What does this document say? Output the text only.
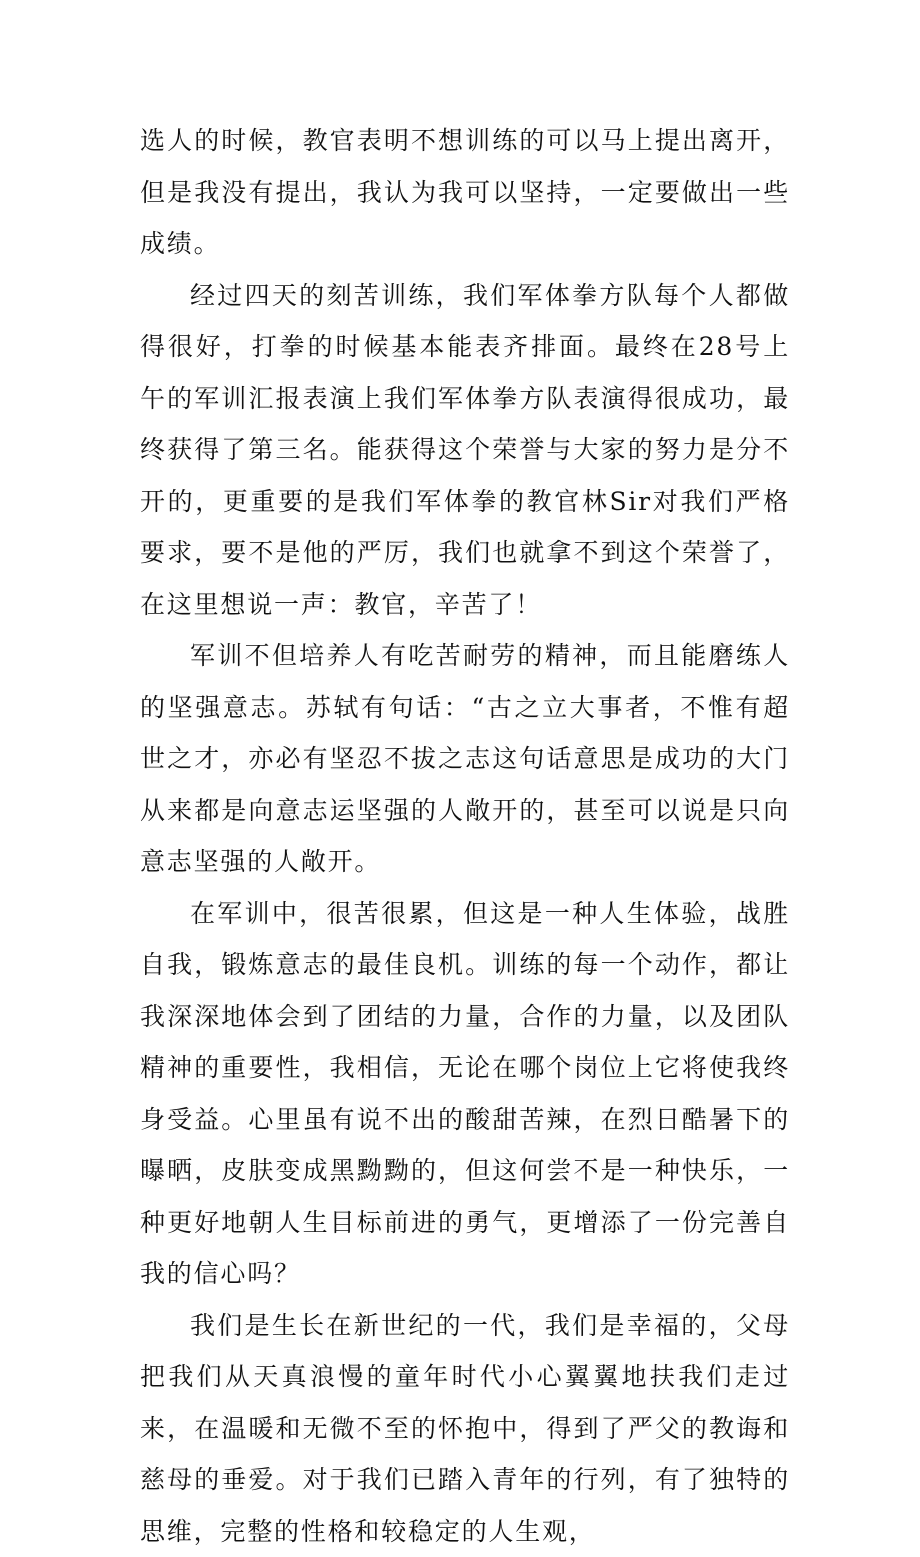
选人的时候，教官表明不想训练的可以马上提出离开，但是我没有提出，我认为我可以坚持，一定要做出一些成绩。

经过四天的刻苦训练，我们军体拳方队每个人都做得很好，打拳的时候基本能表齐排面。最终在28号上午的军训汇报表演上我们军体拳方队表演得很成功，最终获得了第三名。能获得这个荣誉与大家的努力是分不开的，更重要的是我们军体拳的教官林Sir对我们严格要求，要不是他的严厉，我们也就拿不到这个荣誉了，在这里想说一声：教官，辛苦了！

军训不但培养人有吃苦耐劳的精神，而且能磨练人的坚强意志。苏轼有句话：“古之立大事者，不惟有超世之才，亦必有坚忍不拔之志这句话意思是成功的大门从来都是向意志运坚强的人敞开的，甚至可以说是只向意志坚强的人敞开。

在军训中，很苦很累，但这是一种人生体验，战胜自我，锻炼意志的最佳良机。训练的每一个动作，都让我深深地体会到了团结的力量，合作的力量，以及团队精神的重要性，我相信，无论在哪个岗位上它将使我终身受益。心里虽有说不出的酸甜苦辣，在烈日酷暑下的曝晒，皮肤变成黑黝黝的，但这何尝不是一种快乐，一种更好地朝人生目标前进的勇气，更增添了一份完善自我的信心吗？

我们是生长在新世纪的一代，我们是幸福的，父母把我们从天真浪慢的童年时代小心翼翼地扶我们走过来，在温暖和无微不至的怀抱中，得到了严父的教诲和慈母的垂爱。对于我们已踏入青年的行列，有了独特的思维，完整的性格和较稳定的人生观，
